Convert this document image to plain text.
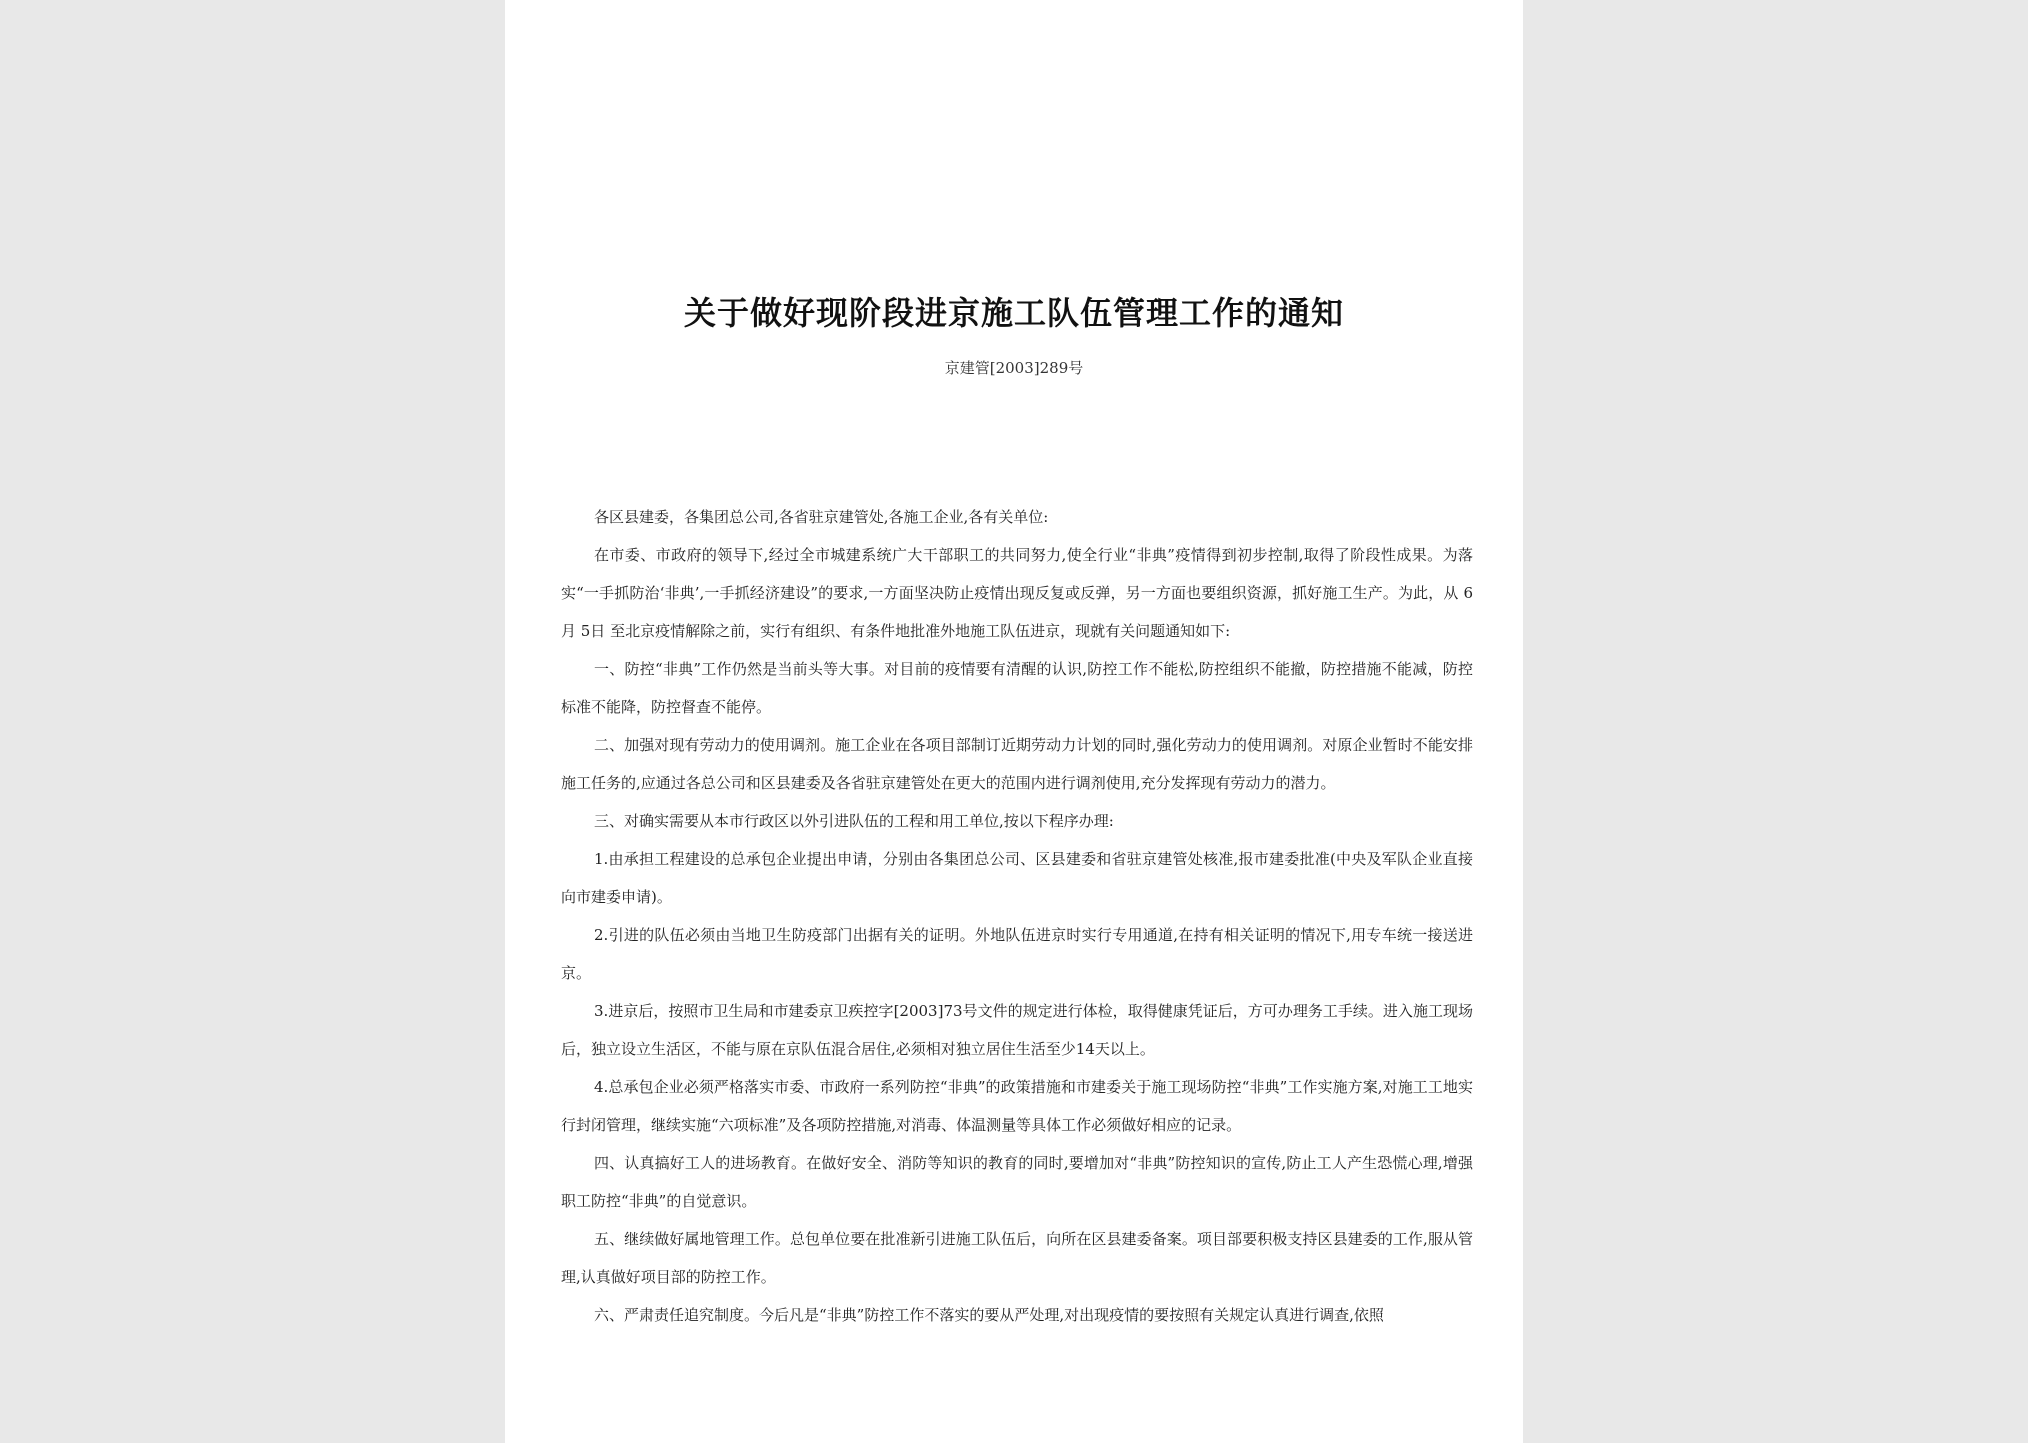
关于做好现阶段进京施工队伍管理工作的通知
京建管[2003]289号

各区县建委，各集团总公司,各省驻京建管处,各施工企业,各有关单位:

在市委、市政府的领导下,经过全市城建系统广大干部职工的共同努力,使全行业“非典”疫情得到初步控制,取得了阶段性成果。为落实“一手抓防治‘非典’,一手抓经济建设”的要求,一方面坚决防止疫情出现反复或反弹，另一方面也要组织资源，抓好施工生产。为此，从 6月 5日 至北京疫情解除之前，实行有组织、有条件地批准外地施工队伍进京，现就有关问题通知如下:

一、防控“非典”工作仍然是当前头等大事。对目前的疫情要有清醒的认识,防控工作不能松,防控组织不能撤，防控措施不能减，防控标准不能降，防控督查不能停。

二、加强对现有劳动力的使用调剂。施工企业在各项目部制订近期劳动力计划的同时,强化劳动力的使用调剂。对原企业暂时不能安排施工任务的,应通过各总公司和区县建委及各省驻京建管处在更大的范围内进行调剂使用,充分发挥现有劳动力的潜力。

三、对确实需要从本市行政区以外引进队伍的工程和用工单位,按以下程序办理:

1.由承担工程建设的总承包企业提出申请，分别由各集团总公司、区县建委和省驻京建管处核准,报市建委批准(中央及军队企业直接向市建委申请)。

2.引进的队伍必须由当地卫生防疫部门出据有关的证明。外地队伍进京时实行专用通道,在持有相关证明的情况下,用专车统一接送进京。

3.进京后，按照市卫生局和市建委京卫疾控字[2003]73号文件的规定进行体检，取得健康凭证后，方可办理务工手续。进入施工现场后，独立设立生活区，不能与原在京队伍混合居住,必须相对独立居住生活至少14天以上。

4.总承包企业必须严格落实市委、市政府一系列防控“非典”的政策措施和市建委关于施工现场防控“非典”工作实施方案,对施工工地实行封闭管理，继续实施“六项标准”及各项防控措施,对消毒、体温测量等具体工作必须做好相应的记录。

四、认真搞好工人的进场教育。在做好安全、消防等知识的教育的同时,要增加对“非典”防控知识的宣传,防止工人产生恐慌心理,增强职工防控“非典”的自觉意识。

五、继续做好属地管理工作。总包单位要在批准新引进施工队伍后，向所在区县建委备案。项目部要积极支持区县建委的工作,服从管理,认真做好项目部的防控工作。

六、严肃责任追究制度。今后凡是“非典”防控工作不落实的要从严处理,对出现疫情的要按照有关规定认真进行调查,依照
